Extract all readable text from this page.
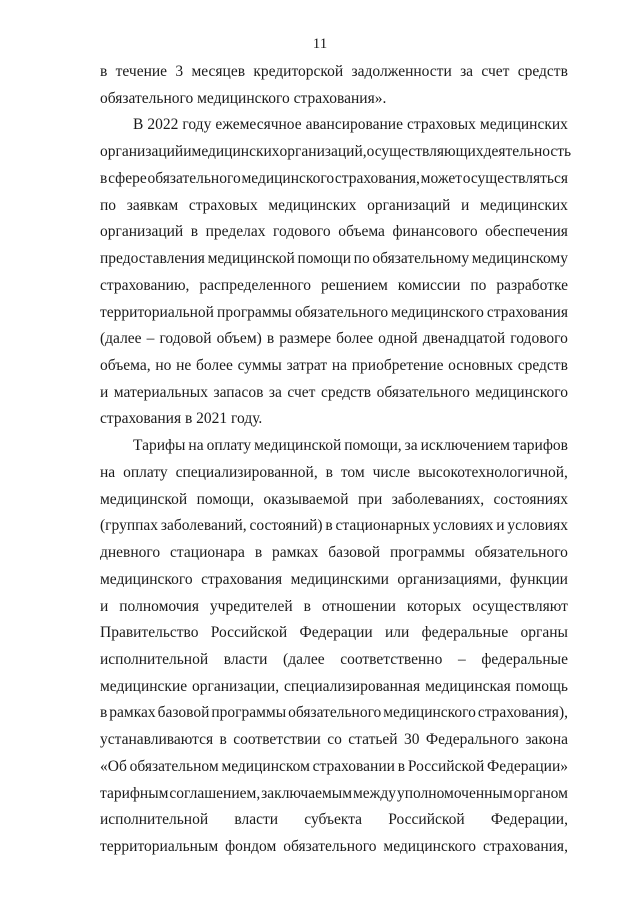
11
в течение 3 месяцев кредиторской задолженности за счет средств
обязательного медицинского страхования».
В 2022 году ежемесячное авансирование страховых медицинских
организаций и медицинских организаций, осуществляющих деятельность
в сфере обязательного медицинского страхования, может осуществляться
по заявкам страховых медицинских организаций и медицинских
организаций в пределах годового объема финансового обеспечения
предоставления медицинской помощи по обязательному медицинскому
страхованию, распределенного решением комиссии по разработке
территориальной программы обязательного медицинского страхования
(далее – годовой объем) в размере более одной двенадцатой годового
объема, но не более суммы затрат на приобретение основных средств
и материальных запасов за счет средств обязательного медицинского
страхования в 2021 году.
Тарифы на оплату медицинской помощи, за исключением тарифов
на оплату специализированной, в том числе высокотехнологичной,
медицинской помощи, оказываемой при заболеваниях, состояниях
(группах заболеваний, состояний) в стационарных условиях и условиях
дневного стационара в рамках базовой программы обязательного
медицинского страхования медицинскими организациями, функции
и полномочия учредителей в отношении которых осуществляют
Правительство Российской Федерации или федеральные органы
исполнительной власти (далее соответственно – федеральные
медицинские организации, специализированная медицинская помощь
в рамках базовой программы обязательного медицинского страхования),
устанавливаются в соответствии со статьей 30 Федерального закона
«Об обязательном медицинском страховании в Российской Федерации»
тарифным соглашением, заключаемым между уполномоченным органом
исполнительной власти субъекта Российской Федерации,
территориальным фондом обязательного медицинского страхования,
